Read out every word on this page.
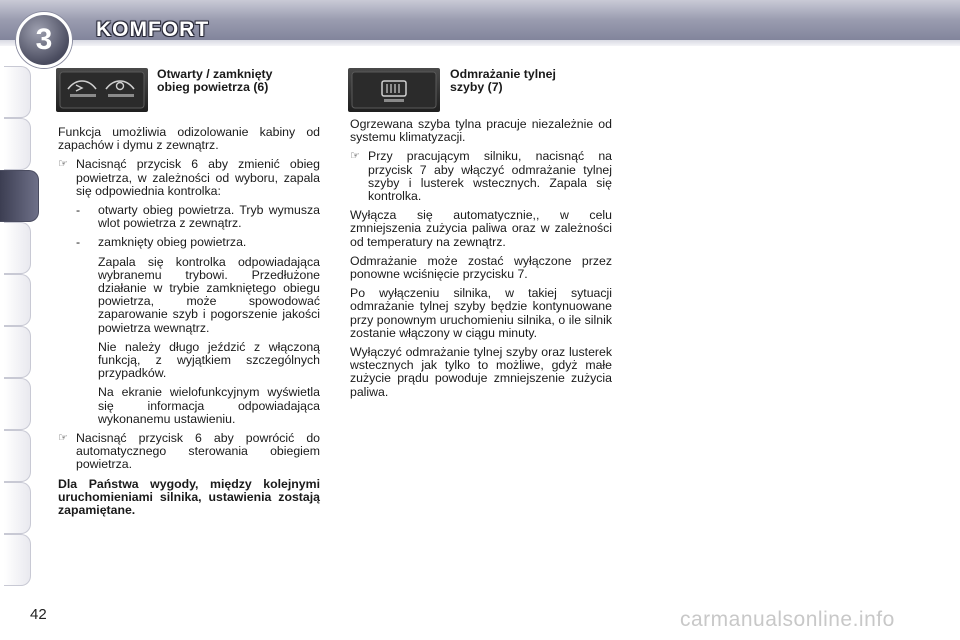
3	KOMFORT
Otwarty / zamknięty
obieg powietrza (6)
Odmrażanie tylnej
szyby (7)

Funkcja umożliwia odizolowanie kabiny od zapachów i dymu z zewnątrz.

☞ Nacisnąć przycisk 6 aby zmienić obieg powietrza, w zależności od wyboru, zapala się odpowiednia kontrolka:
- otwarty obieg powietrza. Tryb wymusza wlot powietrza z zewnątrz.
- zamknięty obieg powietrza.
Zapala się kontrolka odpowiadająca wybranemu trybowi. Przedłużone działanie w trybie zamkniętego obiegu powietrza, może spowodować zaparowanie szyb i pogorszenie jakości powietrza wewnątrz.
Nie należy długo jeździć z włączoną funkcją, z wyjątkiem szczególnych przypadków.
Na ekranie wielofunkcyjnym wyświetla się informacja odpowiadająca wykonanemu ustawieniu.
☞ Nacisnąć przycisk 6 aby powrócić do automatycznego sterowania obiegiem powietrza.

Dla Państwa wygody, między kolejnymi uruchomieniami silnika, ustawienia zostają zapamiętane.

Ogrzewana szyba tylna pracuje niezależnie od systemu klimatyzacji.

☞ Przy pracującym silniku, nacisnąć na przycisk 7 aby włączyć odmrażanie tylnej szyby i lusterek wstecznych. Zapala się kontrolka.

Wyłącza się automatycznie,, w celu zmniejszenia zużycia paliwa oraz w zależności od temperatury na zewnątrz.

Odmrażanie może zostać wyłączone przez ponowne wciśnięcie przycisku 7.

Po wyłączeniu silnika, w takiej sytuacji odmrażanie tylnej szyby będzie kontynuowane przy ponownym uruchomieniu silnika, o ile silnik zostanie włączony w ciągu minuty.

Wyłączyć odmrażanie tylnej szyby oraz lusterek wstecznych jak tylko to możliwe, gdyż małe zużycie prądu powoduje zmniejszenie zużycia paliwa.

42	carmanualsonline.info
